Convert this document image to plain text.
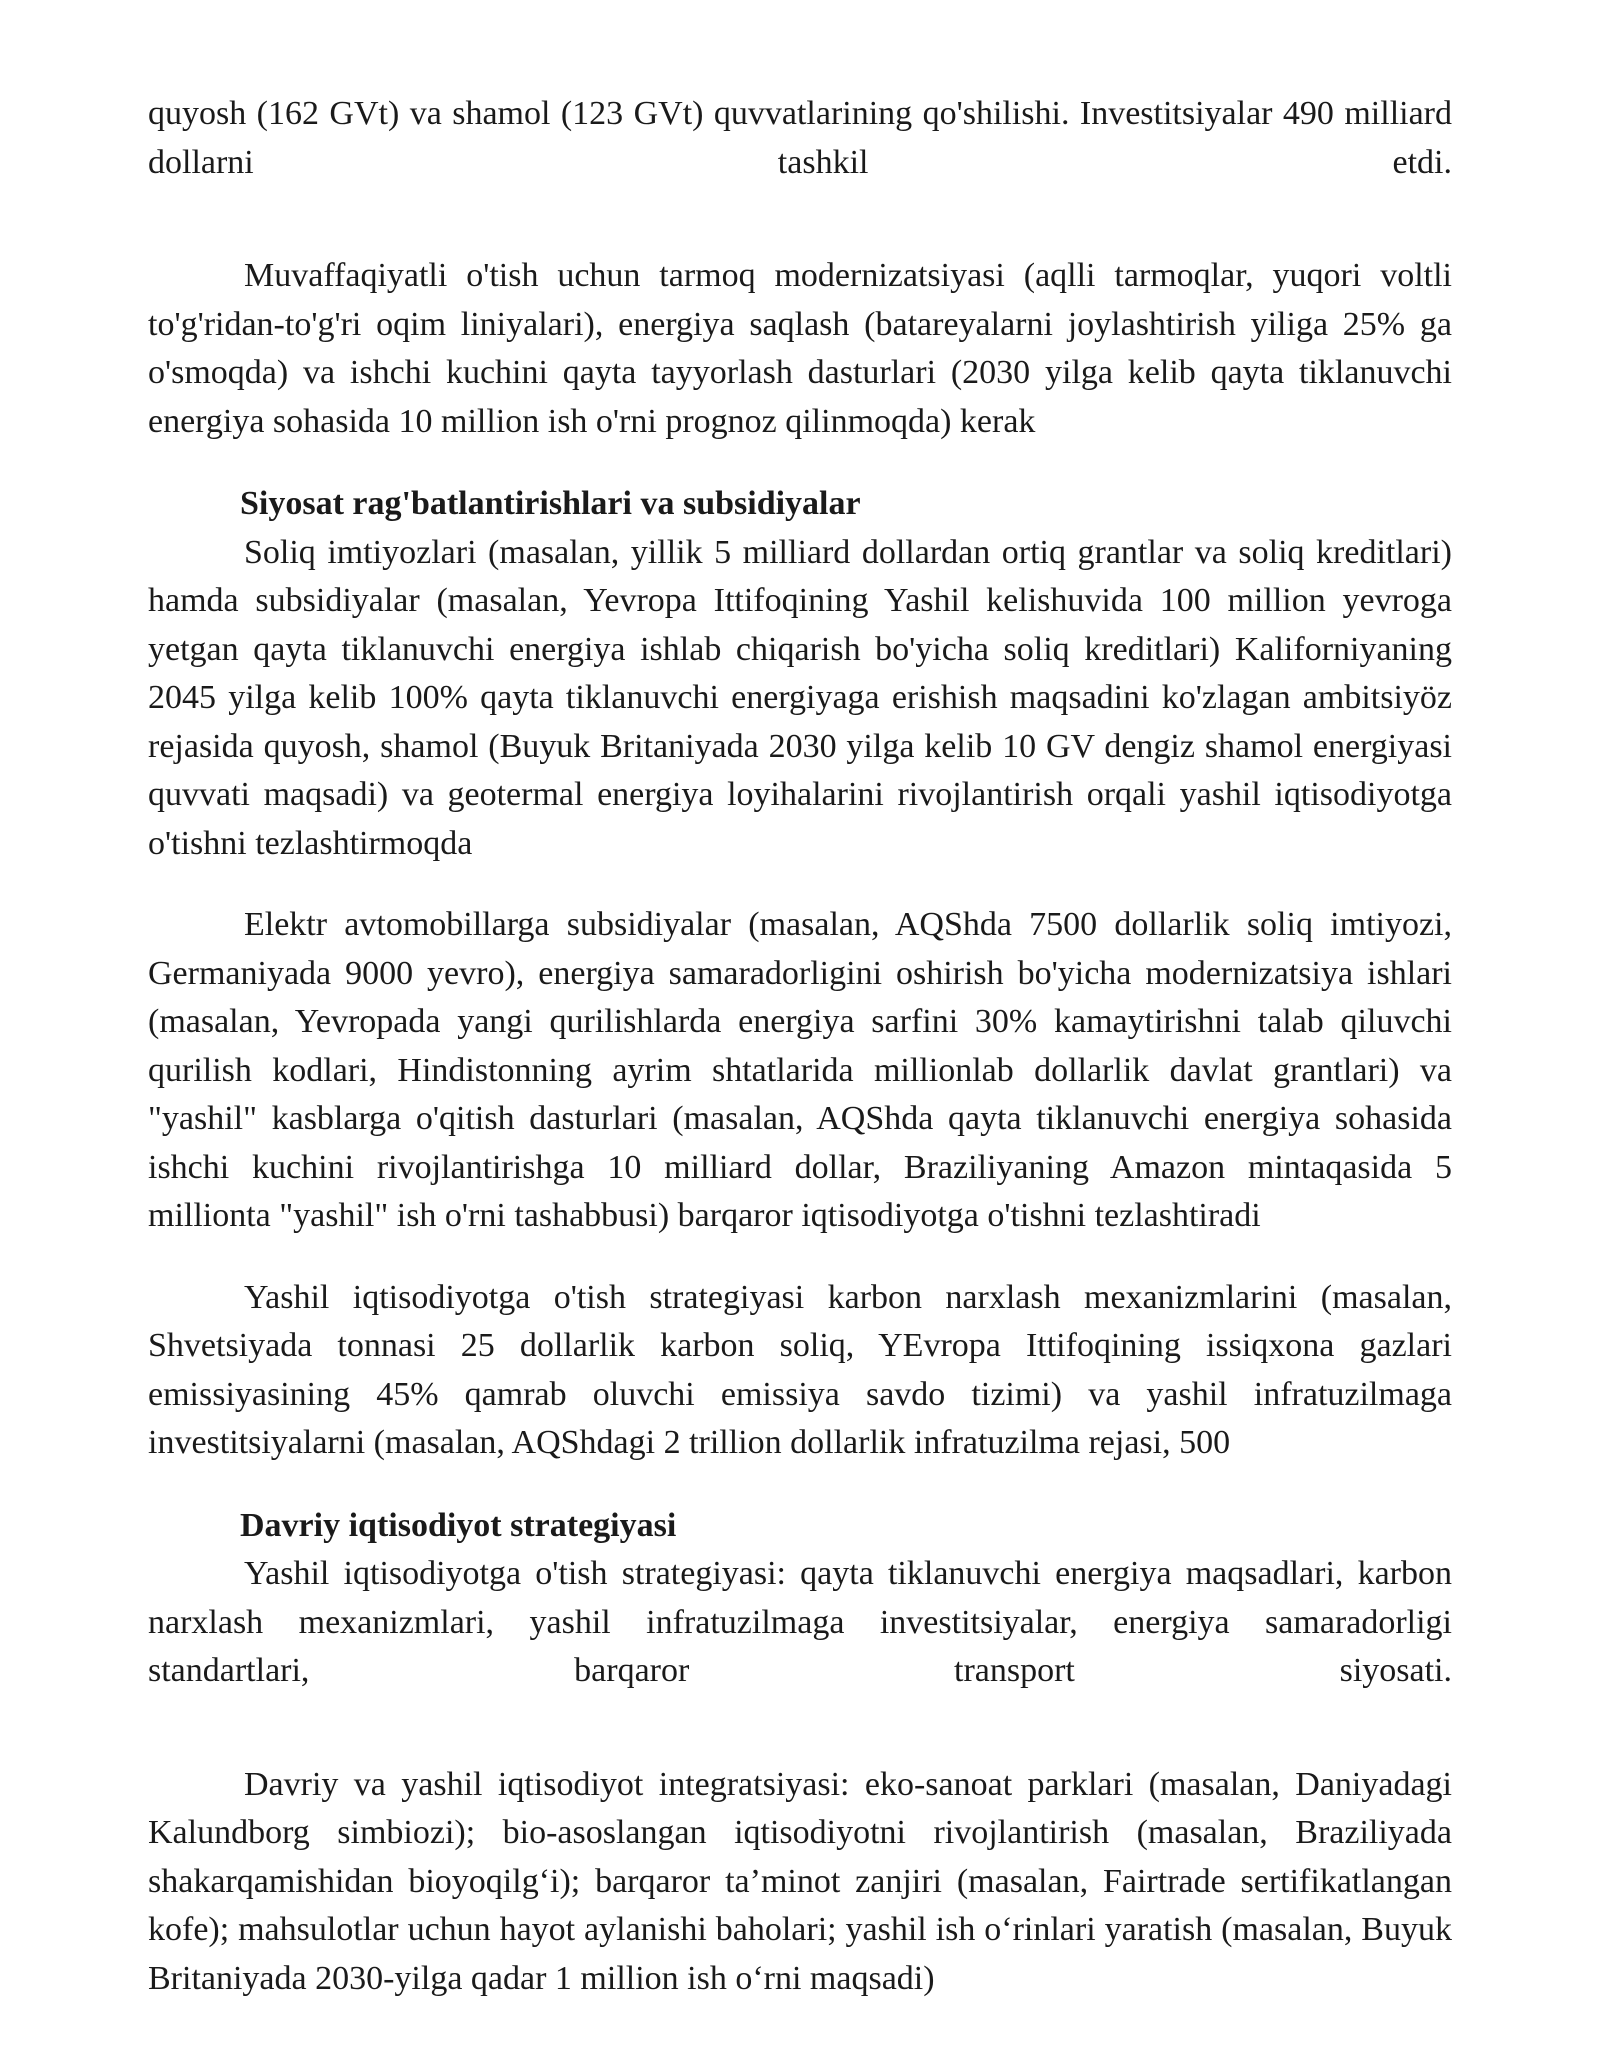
quyosh (162 GVt) va shamol (123 GVt) quvvatlarining qo'shilishi. Investitsiyalar 490 milliard dollarni tashkil etdi.

Muvaffaqiyatli o'tish uchun tarmoq modernizatsiyasi (aqlli tarmoqlar, yuqori voltli to'g'ridan-to'g'ri oqim liniyalari), energiya saqlash (batareyalarni joylashtirish yiliga 25% ga o'smoqda) va ishchi kuchini qayta tayyorlash dasturlari (2030 yilga kelib qayta tiklanuvchi energiya sohasida 10 million ish o'rni prognoz qilinmoqda) kerak

Siyosat rag'batlantirishlari va subsidiyalar

Soliq imtiyozlari (masalan, yillik 5 milliard dollardan ortiq grantlar va soliq kreditlari) hamda subsidiyalar (masalan, Yevropa Ittifoqining Yashil kelishuvida 100 million yevroga yetgan qayta tiklanuvchi energiya ishlab chiqarish bo'yicha soliq kreditlari) Kaliforniyaning 2045 yilga kelib 100% qayta tiklanuvchi energiyaga erishish maqsadini ko'zlagan ambitsiyöz rejasida quyosh, shamol (Buyuk Britaniyada 2030 yilga kelib 10 GV dengiz shamol energiyasi quvvati maqsadi) va geotermal energiya loyihalarini rivojlantirish orqali yashil iqtisodiyotga o'tishni tezlashtirmoqda

Elektr avtomobillarga subsidiyalar (masalan, AQShda 7500 dollarlik soliq imtiyozi, Germaniyada 9000 yevro), energiya samaradorligini oshirish bo'yicha modernizatsiya ishlari (masalan, Yevropada yangi qurilishlarda energiya sarfini 30% kamaytirishni talab qiluvchi qurilish kodlari, Hindistonning ayrim shtatlarida millionlab dollarlik davlat grantlari) va "yashil" kasblarga o'qitish dasturlari (masalan, AQShda qayta tiklanuvchi energiya sohasida ishchi kuchini rivojlantirishga 10 milliard dollar, Braziliyaning Amazon mintaqasida 5 millionta "yashil" ish o'rni tashabbusi) barqaror iqtisodiyotga o'tishni tezlashtiradi

Yashil iqtisodiyotga o'tish strategiyasi karbon narxlash mexanizmlarini (masalan, Shvetsiyada tonnasi 25 dollarlik karbon soliq, YEvropa Ittifoqining issiqxona gazlari emissiyasining 45% qamrab oluvchi emissiya savdo tizimi) va yashil infratuzilmaga investitsiyalarni (masalan, AQShdagi 2 trillion dollarlik infratuzilma rejasi, 500

Davriy iqtisodiyot strategiyasi

Yashil iqtisodiyotga o'tish strategiyasi: qayta tiklanuvchi energiya maqsadlari, karbon narxlash mexanizmlari, yashil infratuzilmaga investitsiyalar, energiya samaradorligi standartlari, barqaror transport siyosati.

Davriy va yashil iqtisodiyot integratsiyasi: eko-sanoat parklari (masalan, Daniyadagi Kalundborg simbiozi); bio-asoslangan iqtisodiyotni rivojlantirish (masalan, Braziliyada shakarqamishidan bioyoqilg‘i); barqaror ta’minot zanjiri (masalan, Fairtrade sertifikatlangan kofe); mahsulotlar uchun hayot aylanishi baholari; yashil ish o‘rinlari yaratish (masalan, Buyuk Britaniyada 2030-yilga qadar 1 million ish o‘rni maqsadi)
